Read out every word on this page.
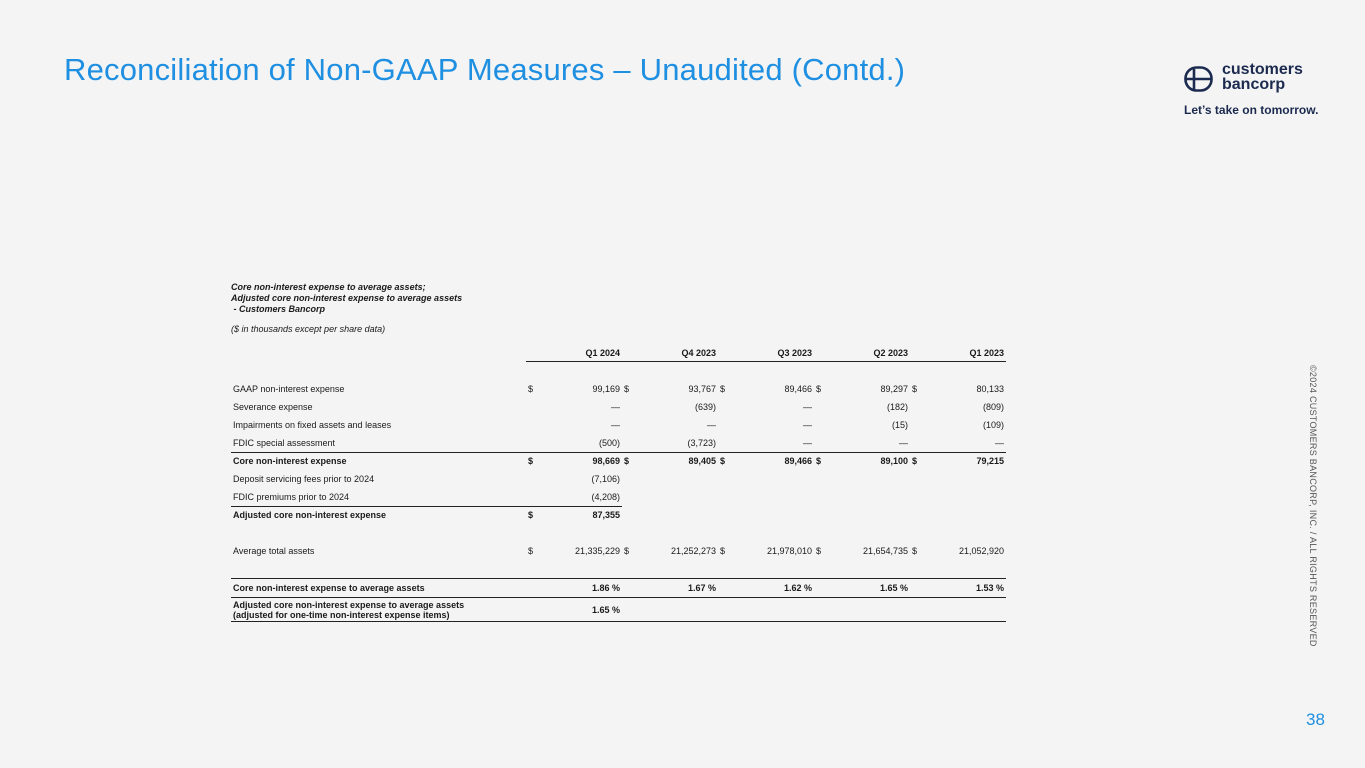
Reconciliation of Non-GAAP Measures – Unaudited (Contd.)	customers
bancorp
Let’s take on tomorrow.
©2024 CUSTOMERS BANCORP, INC. / ALL RIGHTS RESERVED
38
Core non-interest expense to average assets;
Adjusted core non-interest expense to average assets
- Customers Bancorp
($ in thousands except per share data)
	Q1 2024		Q4 2023		Q3 2023		Q2 2023		Q1 2023	

GAAP non-interest expense	$	99,169	$	93,767	$	89,466	$	89,297	$	80,133
Severance expense	—		(639)		—		(182)		(809)	
Impairments on fixed assets and leases	—		—		—		(15)		(109)	
FDIC special assessment	(500)		(3,723)		—		—		—	
Core non-interest expense	$	98,669	$	89,405	$	89,466	$	89,100	$	79,215
Deposit servicing fees prior to 2024	(7,106)									
FDIC premiums prior to 2024	(4,208)									
Adjusted core non-interest expense	$	87,355								

Average total assets	$	21,335,229	$	21,252,273	$	21,978,010	$	21,654,735	$	21,052,920

Core non-interest expense to average assets	1.86 %		1.67 %		1.62 %		1.65 %		1.53 %	

Adjusted core non-interest expense to average assets
(adjusted for one-time non-interest expense items)	1.65 %									
